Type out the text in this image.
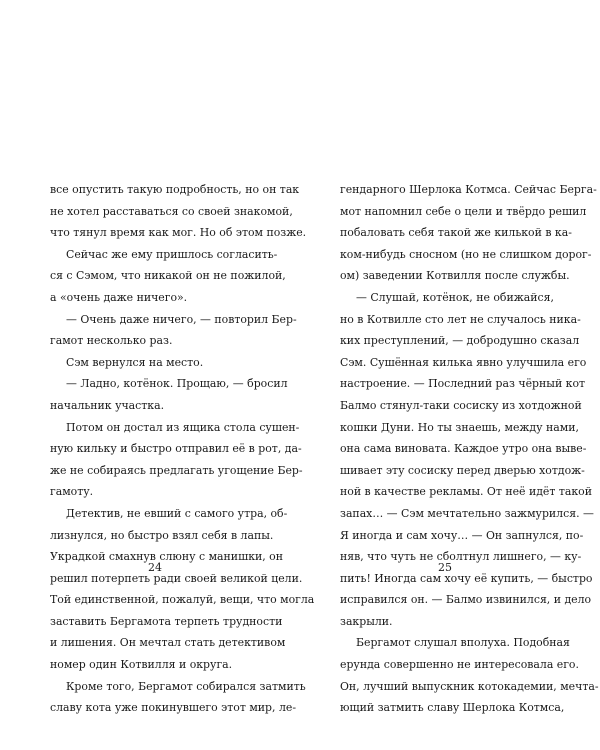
все опустить такую подробность, но он так
не хотел расставаться со своей знакомой,
что тянул время как мог. Но об этом позже.
Сейчас же ему пришлось согласить-
ся с Сэмом, что никакой он не пожилой,
а «очень даже ничего».
— Очень даже ничего, — повторил Бер-
гамот несколько раз.
Сэм вернулся на место.
— Ладно, котёнок. Прощаю, — бросил
начальник участка.
Потом он достал из ящика стола сушен-
ную кильку и быстро отправил её в рот, да-
же не собираясь предлагать угощение Бер-
гамоту.
Детектив, не евший с самого утра, об-
лизнулся, но быстро взял себя в лапы.
Украдкой смахнув слюну с манишки, он
решил потерпеть ради своей великой цели.
Той единственной, пожалуй, вещи, что могла
заставить Бергамота терпеть трудности
и лишения. Он мечтал стать детективом
номер один Котвилля и округа.
Кроме того, Бергамот собирался затмить
славу кота уже покинувшего этот мир, ле-
гендарного Шерлока Котмса. Сейчас Берга-
мот напомнил себе о цели и твёрдо решил
побаловать себя такой же килькой в ка-
ком-нибудь сносном (но не слишком дорог-
ом) заведении Котвилля после службы.
— Слушай, котёнок, не обижайся,
но в Котвилле сто лет не случалось ника-
ких преступлений, — добродушно сказал
Сэм. Сушённая килька явно улучшила его
настроение. — Последний раз чёрный кот
Балмо стянул-таки сосиску из хотдожной
кошки Дуни. Но ты знаешь, между нами,
она сама виновата. Каждое утро она выве-
шивает эту сосиску перед дверью хотдож-
ной в качестве рекламы. От неё идёт такой
запах… — Сэм мечтательно зажмурился. —
Я иногда и сам хочу… — Он запнулся, по-
няв, что чуть не сболтнул лишнего, — ку-
пить! Иногда сам хочу её купить, — быстро
исправился он. — Балмо извинился, и дело
закрыли.
Бергамот слушал вполуха. Подобная
ерунда совершенно не интересовала его.
Он, лучший выпускник котокадемии, мечта-
ющий затмить славу Шерлока Котмса,
24	25
